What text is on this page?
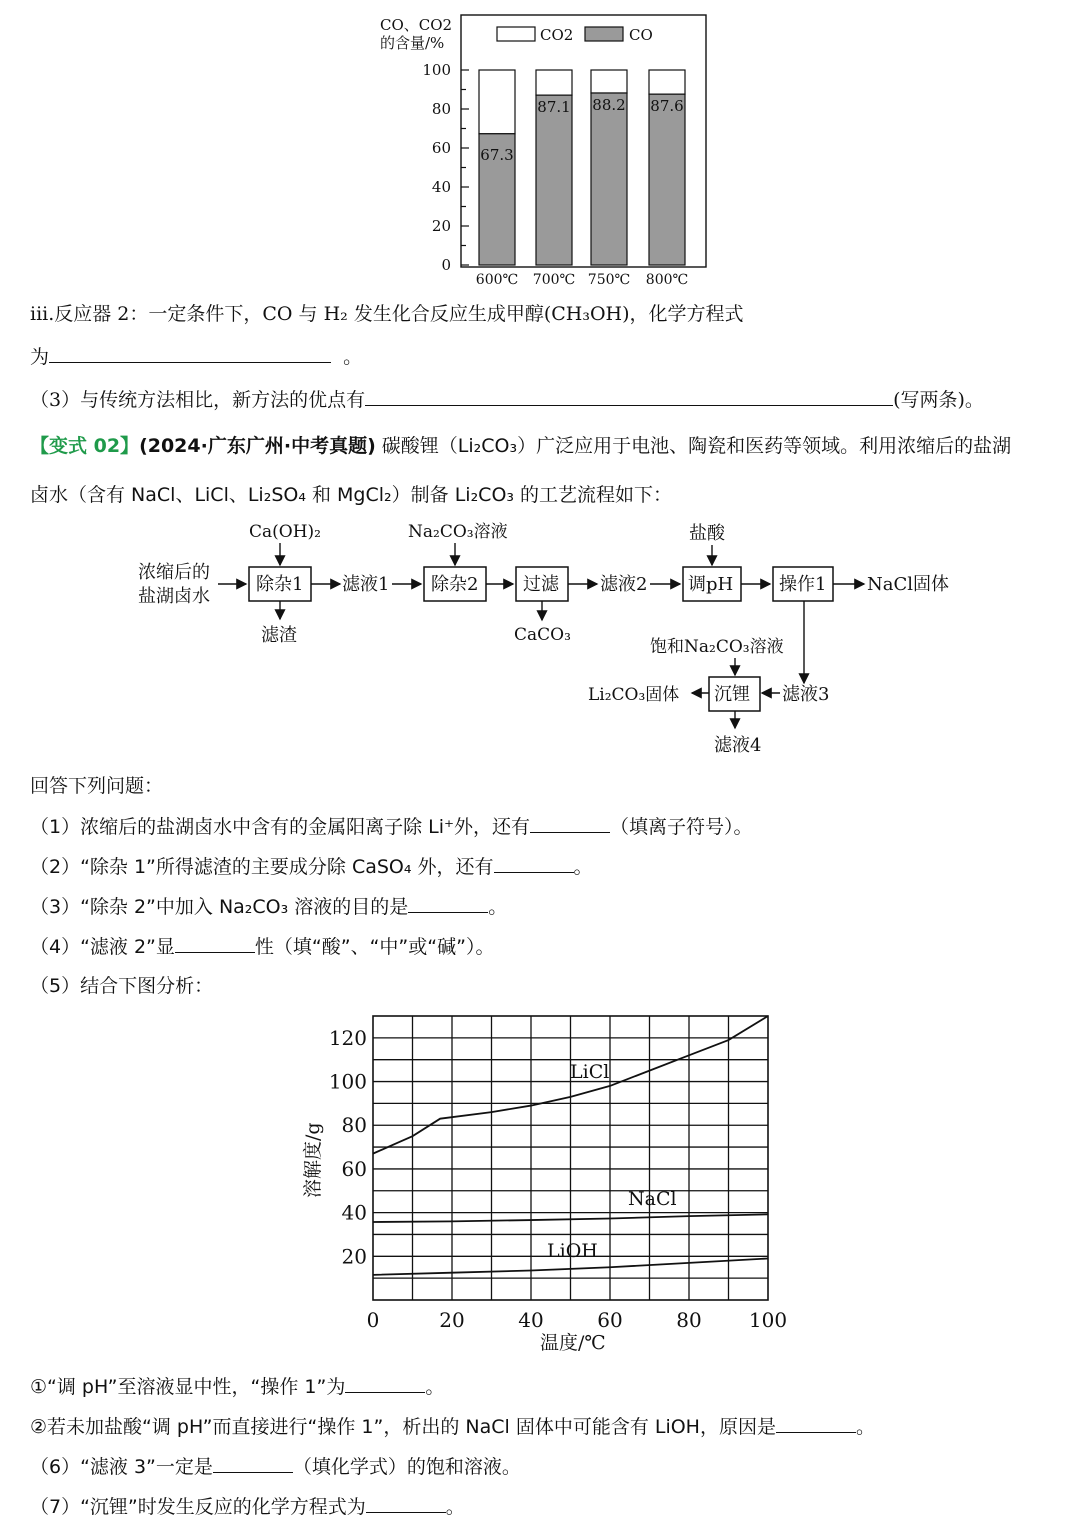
CO、CO2
的含量/%	CO2	CO
100
80
60
40
20
0
67.3
600℃
87.1
700℃
88.2
750℃
87.6
800℃
iii.反应器 2：一定条件下，CO 与 H₂ 发生化合反应生成甲醇(CH₃OH)，化学方程式
为	。
（3）与传统方法相比，新方法的优点有	(写两条)。
【变式 02】(2024·广东广州·中考真题) 碳酸锂（Li₂CO₃）广泛应用于电池、陶瓷和医药等领域。利用浓缩后的盐湖
卤水（含有 NaCl、LiCl、Li₂SO₄ 和 MgCl₂）制备 Li₂CO₃ 的工艺流程如下：
浓缩后的
盐湖卤水
除杂1
Ca(OH)₂
滤渣
滤液1 除杂2
Na₂CO₃溶液
过滤
CaCO₃
滤液2 调pH
盐酸
操作1 NaCl固体
滤液3
沉锂
饱和Na₂CO₃溶液
Li₂CO₃固体
滤液4
回答下列问题：
（1）浓缩后的盐湖卤水中含有的金属阳离子除 Li⁺外，还有	（填离子符号）。
（2）“除杂 1”所得滤渣的主要成分除 CaSO₄ 外，还有	。
（3）“除杂 2”中加入 Na₂CO₃ 溶液的目的是	。
（4）“滤液 2”显	性（填“酸”、“中”或“碱”）。
（5）结合下图分析：
0	20	40	60	80 100
120
100
80
60
40
20
温度/℃
溶解度/g
LiCl
NaCl
LiOH
①“调 pH”至溶液显中性，“操作 1”为	。
②若未加盐酸“调 pH”而直接进行“操作 1”，析出的 NaCl 固体中可能含有 LiOH，原因是	。
（6）“滤液 3”一定是	（填化学式）的饱和溶液。
（7）“沉锂”时发生反应的化学方程式为	。
